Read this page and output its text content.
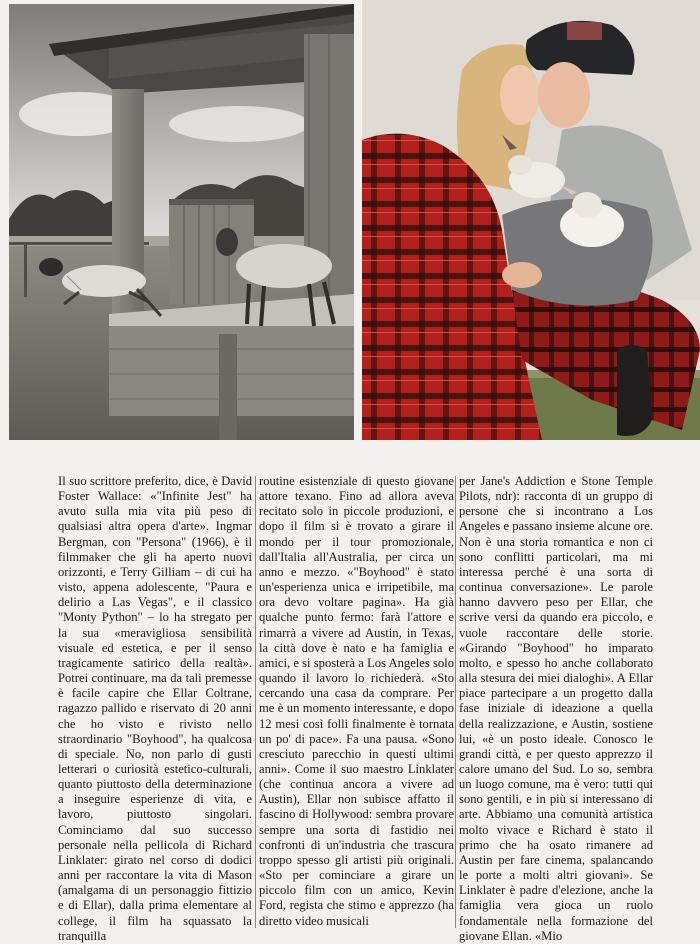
Il suo scrittore preferito, dice, è David Foster Wallace: «"Infinite Jest" ha avuto sulla mia vita più peso di qualsiasi altra opera d'arte». Ingmar Bergman, con "Persona" (1966), è il filmmaker che gli ha aperto nuovi orizzonti, e Terry Gilliam – di cui ha visto, appena adolescente, "Paura e delirio a Las Vegas", e il classico "Monty Python" – lo ha stregato per la sua «meravigliosa sensibilità visuale ed estetica, e per il senso tragicamente satirico della realtà». Potrei continuare, ma da tali premesse è facile capire che Ellar Coltrane, ragazzo pallido e riservato di 20 anni che ho visto e rivisto nello straordinario "Boyhood", ha qualcosa di speciale. No, non parlo di gusti letterari o curiosità estetico-culturali, quanto piuttosto della determinazione a inseguire esperienze di vita, e lavoro, piuttosto singolari. Cominciamo dal suo successo personale nella pellicola di Richard Linklater: girato nel corso di dodici anni per raccontare la vita di Mason (amalgama di un personaggio fittizio e di Ellar), dalla prima elementare al college, il film ha squassato la tranquilla

routine esistenziale di questo giovane attore texano. Fino ad allora aveva recitato solo in piccole produzioni, e dopo il film si è trovato a girare il mondo per il tour promozionale, dall'Italia all'Australia, per circa un anno e mezzo. «"Boyhood" è stato un'esperienza unica e irripetibile, ma ora devo voltare pagina». Ha già qualche punto fermo: farà l'attore e rimarrà a vivere ad Austin, in Texas, la città dove è nato e ha famiglia e amici, e si sposterà a Los Angeles solo quando il lavoro lo richiederà. «Sto cercando una casa da comprare. Per me è un momento interessante, e dopo 12 mesi così folli finalmente è tornata un po' di pace». Fa una pausa. «Sono cresciuto parecchio in questi ultimi anni». Come il suo maestro Linklater (che continua ancora a vivere ad Austin), Ellar non subisce affatto il fascino di Hollywood: sembra provare sempre una sorta di fastidio nei confronti di un'industria che trascura troppo spesso gli artisti più originali. «Sto per cominciare a girare un piccolo film con un amico, Kevin Ford, regista che stimo e apprezzo (ha diretto video musicali

per Jane's Addiction e Stone Temple Pilots, ndr): racconta di un gruppo di persone che si incontrano a Los Angeles e passano insieme alcune ore. Non è una storia romantica e non ci sono conflitti particolari, ma mi interessa perché è una sorta di continua conversazione». Le parole hanno davvero peso per Ellar, che scrive versi da quando era piccolo, e vuole raccontare delle storie. «Girando "Boyhood" ho imparato molto, e spesso ho anche collaborato alla stesura dei miei dialoghi». A Ellar piace partecipare a un progetto dalla fase iniziale di ideazione a quella della realizzazione, e Austin, sostiene lui, «è un posto ideale. Conosco le grandi città, e per questo apprezzo il calore umano del Sud. Lo so, sembra un luogo comune, ma è vero: tutti qui sono gentili, e in più si interessano di arte. Abbiamo una comunità artistica molto vivace e Richard è stato il primo che ha osato rimanere ad Austin per fare cinema, spalancando le porte a molti altri giovani». Se Linklater è padre d'elezione, anche la famiglia vera gioca un ruolo fondamentale nella formazione del giovane Ellan. «Mio
